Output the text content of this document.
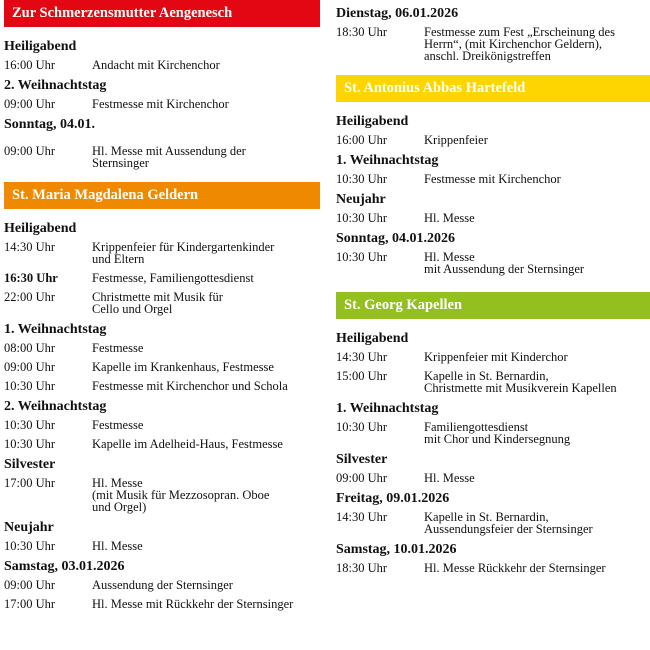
Zur Schmerzensmutter Aengenesch
Heiligabend
16:00 Uhr	Andacht mit Kirchenchor
2. Weihnachtstag
09:00 Uhr	Festmesse mit Kirchenchor
Sonntag, 04.01.
09:00 Uhr	Hl. Messe mit Aussendung der
Sternsinger
St. Maria Magdalena Geldern
Heiligabend
14:30 Uhr	Krippenfeier für Kindergartenkinder
und Eltern
16:30 Uhr	Festmesse, Familiengottesdienst
22:00 Uhr	Christmette mit Musik für
Cello und Orgel
1. Weihnachtstag
08:00 Uhr	Festmesse
09:00 Uhr	Kapelle im Krankenhaus, Festmesse
10:30 Uhr	Festmesse mit Kirchenchor und Schola
2. Weihnachtstag
10:30 Uhr	Festmesse
10:30 Uhr	Kapelle im Adelheid-Haus, Festmesse
Silvester
17:00 Uhr	Hl. Messe
(mit Musik für Mezzosopran. Oboe
und Orgel)
Neujahr
10:30 Uhr	Hl. Messe
Samstag, 03.01.2026
09:00 Uhr	Aussendung der Sternsinger
17:00 Uhr	Hl. Messe mit Rückkehr der Sternsinger
Dienstag, 06.01.2026
18:30 Uhr	Festmesse zum Fest „Erscheinung des
Herrn“, (mit Kirchenchor Geldern),
anschl. Dreikönigstreffen
St. Antonius Abbas Hartefeld
Heiligabend
16:00 Uhr	Krippenfeier
1. Weihnachtstag
10:30 Uhr	Festmesse mit Kirchenchor
Neujahr
10:30 Uhr	Hl. Messe
Sonntag, 04.01.2026
10:30 Uhr	Hl. Messe
mit Aussendung der Sternsinger
St. Georg Kapellen
Heiligabend
14:30 Uhr	Krippenfeier mit Kinderchor
15:00 Uhr	Kapelle in St. Bernardin,
Christmette mit Musikverein Kapellen
1. Weihnachtstag
10:30 Uhr	Familiengottesdienst
mit Chor und Kindersegnung
Silvester
09:00 Uhr	Hl. Messe
Freitag, 09.01.2026
14:30 Uhr	Kapelle in St. Bernardin,
Aussendungsfeier der Sternsinger
Samstag, 10.01.2026
18:30 Uhr	Hl. Messe Rückkehr der Sternsinger
